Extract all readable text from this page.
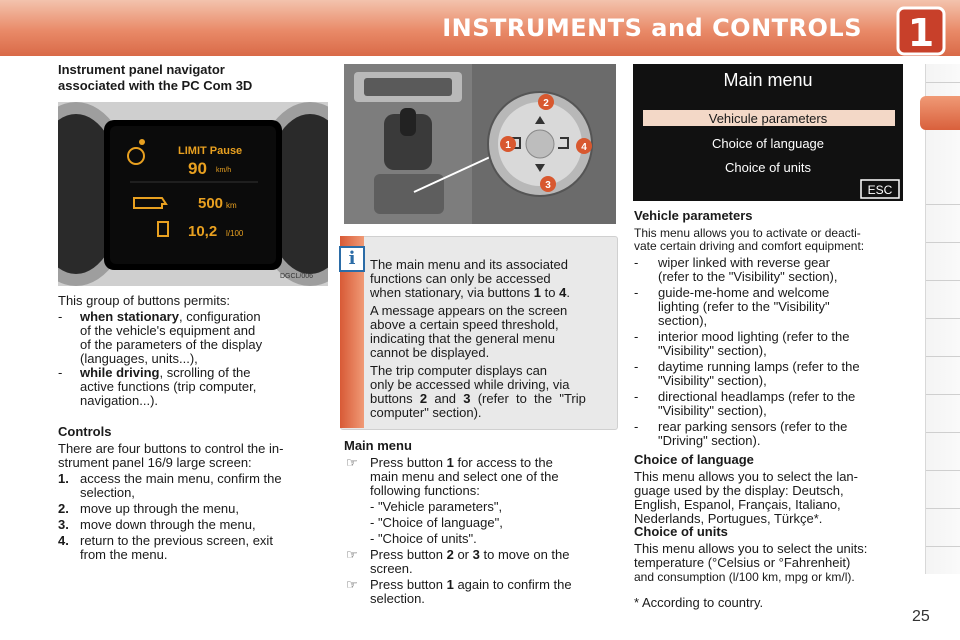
INSTRUMENTS and CONTROLS 1
Instrument panel navigator
associated with the PC Com 3D
LIMIT Pause
90 km/h
500 km
10,2 l/100
DGCL/006
This group of buttons permits:
- when stationary, configuration
of the vehicle's equipment and
of the parameters of the display
(languages, units...),
- while driving, scrolling of the
active functions (trip computer,
navigation...).
Controls
There are four buttons to control the in-
strument panel 16/9 large screen:
1. access the main menu, confirm the
selection,
2. move up through the menu,
3. move down through the menu,
4. return to the previous screen, exit
from the menu.
2
1	4
3
i	The main menu and its associated
functions can only be accessed
when stationary, via buttons 1 to 4.
A message appears on the screen
above a certain speed threshold,
indicating that the general menu
cannot be displayed.
The trip computer displays can
only be accessed while driving, via
buttons  2  and  3  (refer  to  the  "Trip
computer" section).
Main menu
☞ Press button 1 for access to the
main menu and select one of the
following functions:
- "Vehicle parameters",
- "Choice of language",
- "Choice of units".
☞ Press button 2 or 3 to move on the
screen.
☞ Press button 1 again to confirm the
selection.
Main menu
Vehicule parameters
Choice of language
Choice of units
ESC
Vehicle parameters
This menu allows you to activate or deacti-
vate certain driving and comfort equipment:
- wiper linked with reverse gear
(refer to the "Visibility" section),
- guide-me-home and welcome
lighting (refer to the "Visibility"
section),
- interior mood lighting (refer to the
"Visibility" section),
- daytime running lamps (refer to the
"Visibility" section),
- directional headlamps (refer to the
"Visibility" section),
- rear parking sensors (refer to the
"Driving" section).
Choice of language
This menu allows you to select the lan-
guage used by the display: Deutsch,
English, Espanol, Français, Italiano,
Nederlands, Portugues, Türkçe*.
Choice of units
This menu allows you to select the units:
temperature (°Celsius or °Fahrenheit)
and consumption (l/100 km, mpg or km/l).
* According to country.
25
